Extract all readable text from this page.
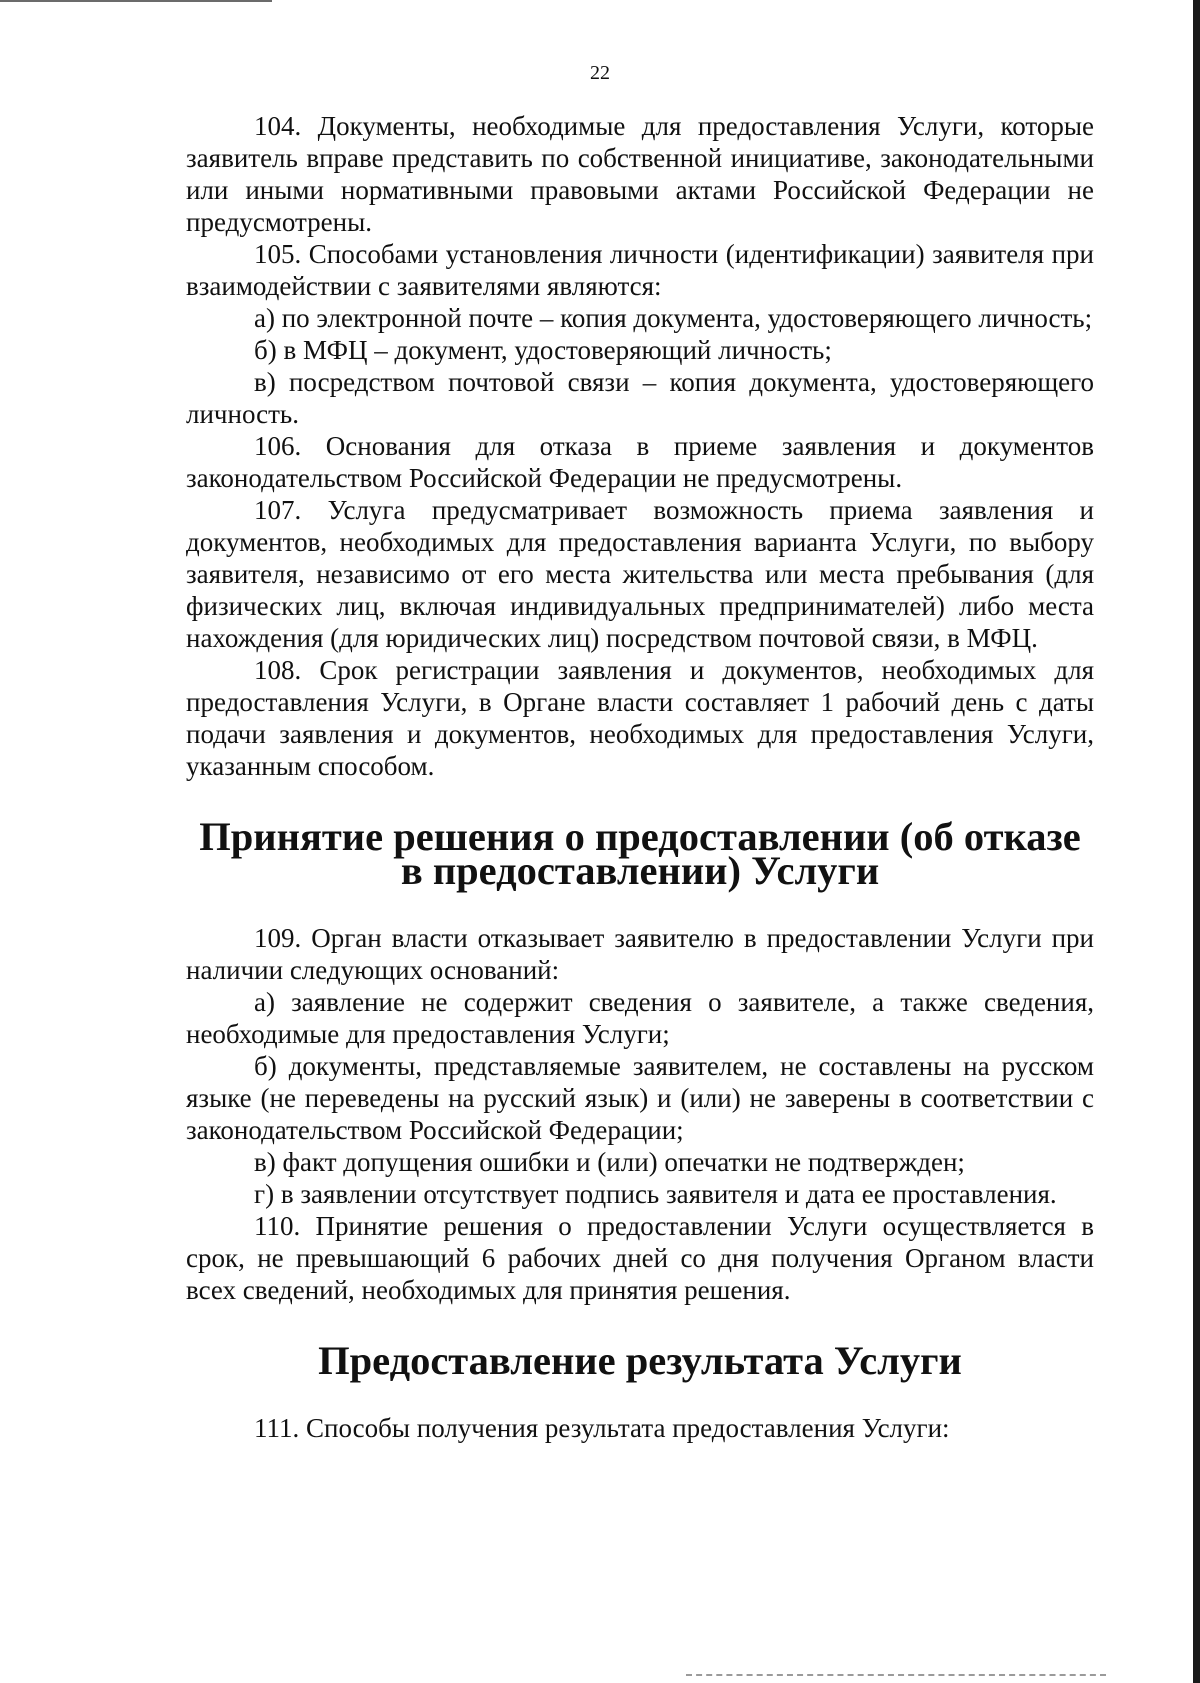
22

104. Документы, необходимые для предоставления Услуги, которые заявитель вправе представить по собственной инициативе, законодательными или иными нормативными правовыми актами Российской Федерации не предусмотрены.

105. Способами установления личности (идентификации) заявителя при взаимодействии с заявителями являются:

а) по электронной почте – копия документа, удостоверяющего личность;

б) в МФЦ – документ, удостоверяющий личность;

в) посредством почтовой связи – копия документа, удостоверяющего личность.

106. Основания для отказа в приеме заявления и документов законодательством Российской Федерации не предусмотрены.

107. Услуга предусматривает возможность приема заявления и документов, необходимых для предоставления варианта Услуги, по выбору заявителя, независимо от его места жительства или места пребывания (для физических лиц, включая индивидуальных предпринимателей) либо места нахождения (для юридических лиц) посредством почтовой связи, в МФЦ.

108. Срок регистрации заявления и документов, необходимых для предоставления Услуги, в Органе власти составляет 1 рабочий день с даты подачи заявления и документов, необходимых для предоставления Услуги, указанным способом.

Принятие решения о предоставлении (об отказе в предоставлении) Услуги

109. Орган власти отказывает заявителю в предоставлении Услуги при наличии следующих оснований:

а) заявление не содержит сведения о заявителе, а также сведения, необходимые для предоставления Услуги;

б) документы, представляемые заявителем, не составлены на русском языке (не переведены на русский язык) и (или) не заверены в соответствии с законодательством Российской Федерации;

в) факт допущения ошибки и (или) опечатки не подтвержден;

г) в заявлении отсутствует подпись заявителя и дата ее проставления.

110. Принятие решения о предоставлении Услуги осуществляется в срок, не превышающий 6 рабочих дней со дня получения Органом власти всех сведений, необходимых для принятия решения.

Предоставление результата Услуги

111. Способы получения результата предоставления Услуги:
